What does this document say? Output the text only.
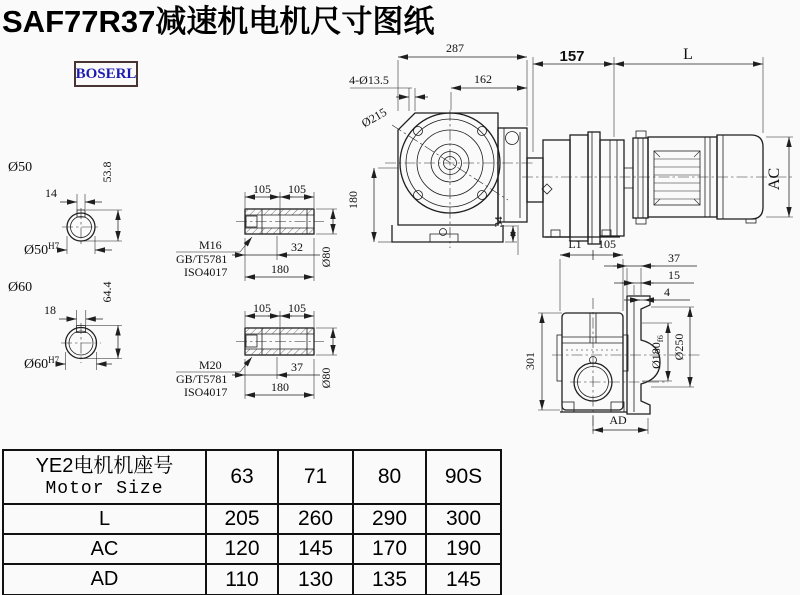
SAF77R37减速机电机尺寸图纸
BOSERL
Ø50
14
53.8
$Ø50^{H7}$
Ø60
18
64.4
$Ø60^{H7}$
105 105
32
180
Ø80
M16
GB/T5781
ISO4017
105 105
37
180	Ø80
M20
GB/T5781
ISO4017
Ø215
287
162
4-Ø13.5
180
34
157	L
AC
L1 105
37
15
4
$Ø180_{f6}$ Ø250
AD
301
YE2电机机座号
Motor Size	63	71	80	90S
L	205	260	290	300
AC	120	145	170	190
AD	110	130	135	145
